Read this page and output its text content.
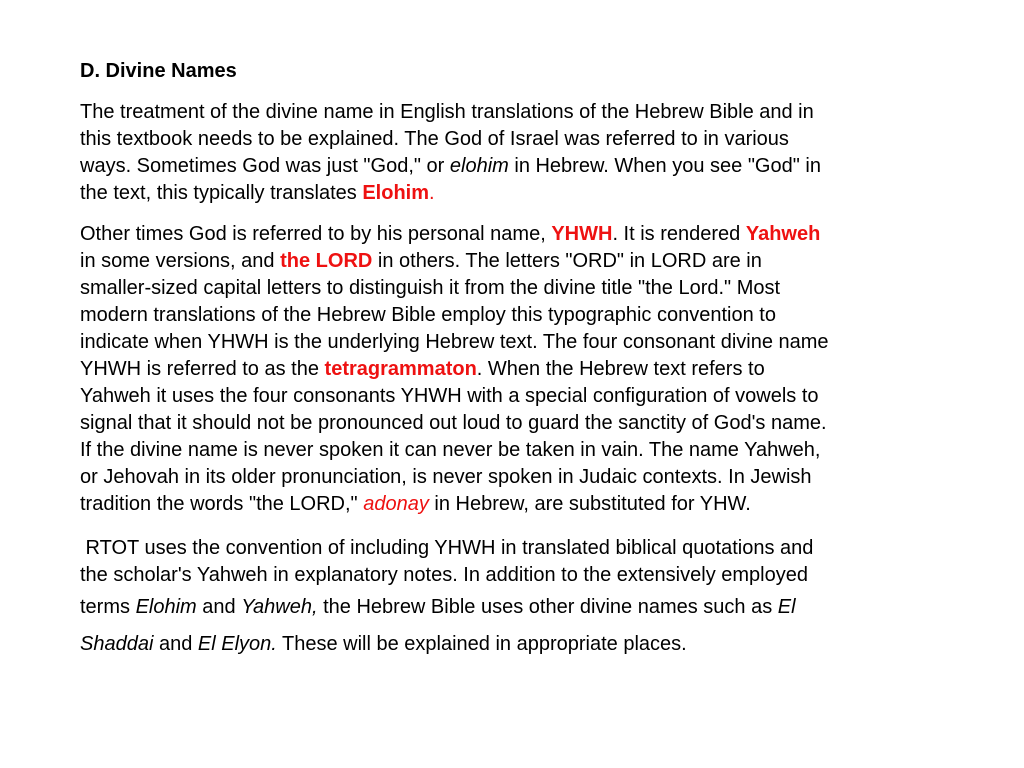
D. Divine Names

The treatment of the divine name in English translations of the Hebrew Bible and in
this textbook needs to be explained. The God of Israel was referred to in various
ways. Sometimes God was just "God," or elohim in Hebrew. When you see "God" in
the text, this typically translates Elohim.

Other times God is referred to by his personal name, YHWH. It is rendered Yahweh
in some versions, and the LORD in others. The letters "ORD" in LORD are in
smaller-sized capital letters to distinguish it from the divine title "the Lord." Most
modern translations of the Hebrew Bible employ this typographic convention to
indicate when YHWH is the underlying Hebrew text. The four consonant divine name
YHWH is referred to as the tetragrammaton. When the Hebrew text refers to
Yahweh it uses the four consonants YHWH with a special configuration of vowels to
signal that it should not be pronounced out loud to guard the sanctity of God's name.
If the divine name is never spoken it can never be taken in vain. The name Yahweh,
or Jehovah in its older pronunciation, is never spoken in Judaic contexts. In Jewish
tradition the words "the LORD," adonay in Hebrew, are substituted for YHW.

RTOT uses the convention of including YHWH in translated biblical quotations and
the scholar's Yahweh in explanatory notes. In addition to the extensively employed
terms Elohim and Yahweh, the Hebrew Bible uses other divine names such as El
Shaddai and El Elyon. These will be explained in appropriate places.
